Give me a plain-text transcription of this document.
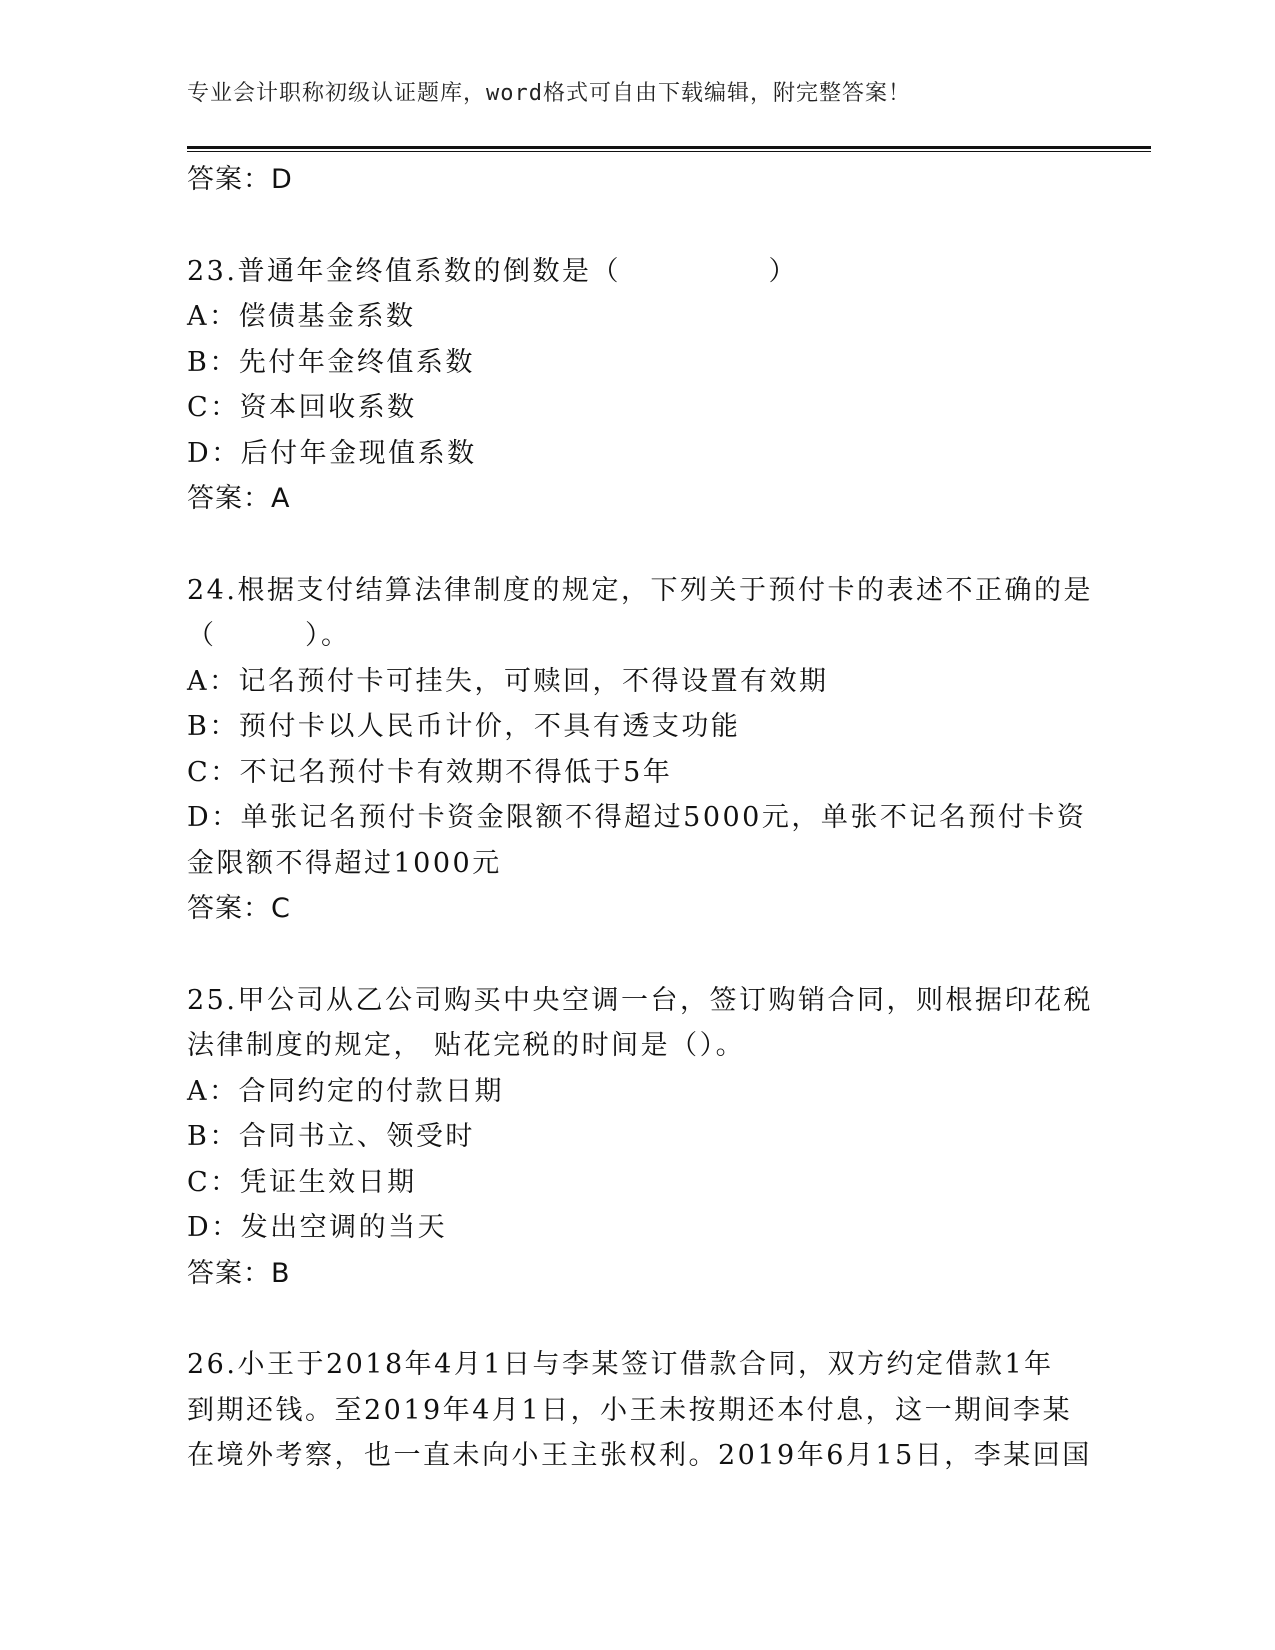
专业会计职称初级认证题库，word格式可自由下载编辑，附完整答案！
答案：D
23.普通年金终值系数的倒数是（　　　　　）
A：偿债基金系数
B：先付年金终值系数
C：资本回收系数
D：后付年金现值系数
答案：A
24.根据支付结算法律制度的规定，下列关于预付卡的表述不正确的是
（　　　）。
A：记名预付卡可挂失，可赎回，不得设置有效期
B：预付卡以人民币计价，不具有透支功能
C：不记名预付卡有效期不得低于5年
D：单张记名预付卡资金限额不得超过5000元，单张不记名预付卡资
金限额不得超过1000元
答案：C
25.甲公司从乙公司购买中央空调一台，签订购销合同，则根据印花税
法律制度的规定， 贴花完税的时间是（）。
A：合同约定的付款日期
B：合同书立、领受时
C：凭证生效日期
D：发出空调的当天
答案：B
26.小王于2018年4月1日与李某签订借款合同，双方约定借款1年
到期还钱。至2019年4月1日，小王未按期还本付息，这一期间李某
在境外考察，也一直未向小王主张权利。2019年6月15日，李某回国
